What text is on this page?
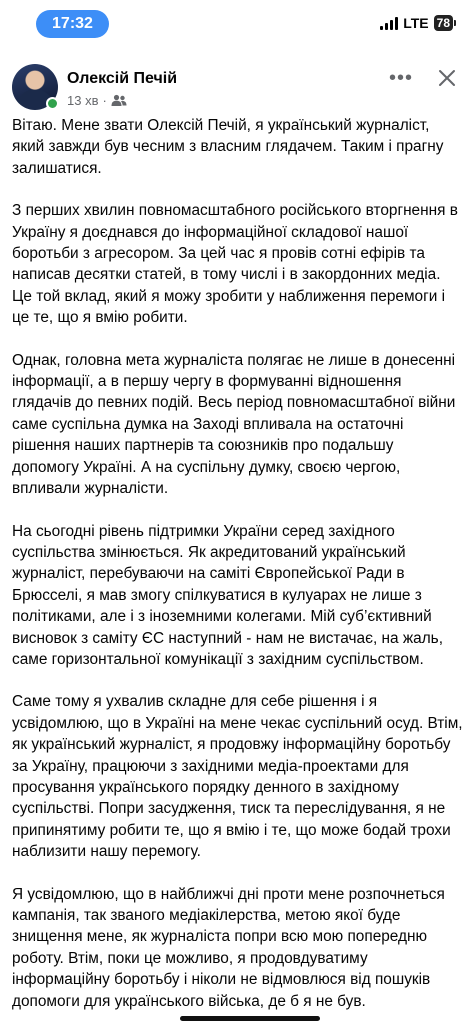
17:32	LTE 78
Олексій Печій
13 хв ·
•••

Вітаю. Мене звати Олексій Печій, я український журналіст, який завжди був чесним з власним глядачем. Таким і прагну залишатися.

З перших хвилин повномасштабного російського вторгнення в Україну я доєднався до інформаційної складової нашої боротьби з агресором. За цей час я провів сотні ефірів та написав десятки статей, в тому числі і в закордонних медіа. Це той вклад, який я можу зробити у наближення перемоги і це те, що я вмію робити.

Однак, головна мета журналіста полягає не лише в донесенні інформації, а в першу чергу в формуванні відношення глядачів до певних подій. Весь період повномасштабної війни саме суспільна думка на Заході впливала на остаточні рішення наших партнерів та союзників про подальшу допомогу Україні. А на суспільну думку, своєю чергою, впливали журналісти.

На сьогодні рівень підтримки України серед західного суспільства змінюється. Як акредитований український журналіст, перебуваючи на саміті Європейської Ради в Брюсселі, я мав змогу спілкуватися в кулуарах не лише з політиками, але і з іноземними колегами. Мій суб’єктивний висновок з саміту ЄС наступний - нам не вистачає, на жаль, саме горизонтальної комунікації з західним суспільством.

Саме тому я ухвалив складне для себе рішення і я усвідомлюю, що в Україні на мене чекає суспільний осуд. Втім, як український журналіст, я продовжу інформаційну боротьбу за Україну, працюючи з західними медіа-проектами для просування українського порядку денного в західному суспільстві. Попри засудження, тиск та переслідування, я не припинятиму робити те, що я вмію і те, що може бодай трохи наблизити нашу перемогу.

Я усвідомлюю, що в найближчі дні проти мене розпочнеться кампанія, так званого медіакілерства, метою якої буде знищення мене, як журналіста попри всю мою попередню роботу. Втім, поки це можливо, я продовдуватиму інформаційну боротьбу і ніколи не відмовлюся від пошуків допомоги для українського війська, де б я не був.
